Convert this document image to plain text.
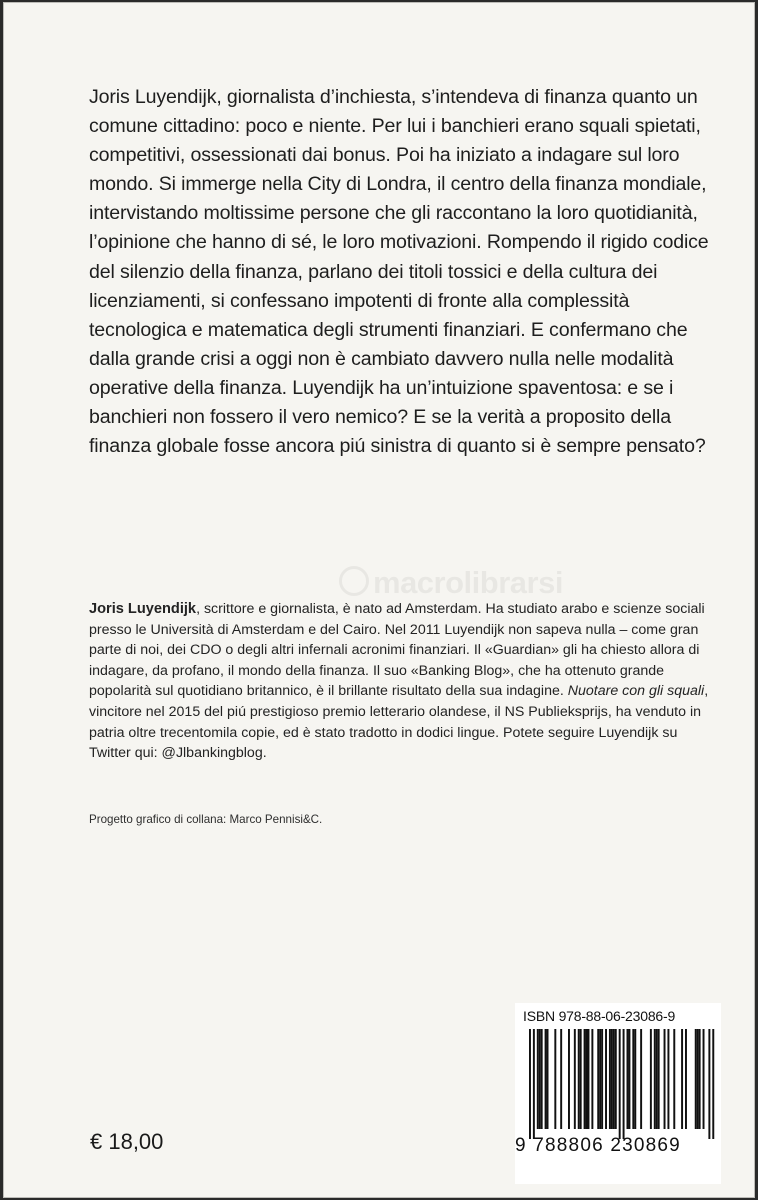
Joris Luyendijk, giornalista d’inchiesta, s’intendeva di finanza quanto un comune cittadino: poco e niente. Per lui i banchieri erano squali spietati, competitivi, ossessionati dai bonus. Poi ha iniziato a indagare sul loro mondo. Si immerge nella City di Londra, il centro della finanza mondiale, intervistando moltissime persone che gli raccontano la loro quotidianità, l’opinione che hanno di sé, le loro motivazioni. Rompendo il rigido codice del silenzio della finanza, parlano dei titoli tossici e della cultura dei licenziamenti, si confessano impotenti di fronte alla complessità tecnologica e matematica degli strumenti finanziari. E confermano che dalla grande crisi a oggi non è cambiato davvero nulla nelle modalità operative della finanza. Luyendijk ha un’intuizione spaventosa: e se i banchieri non fossero il vero nemico? E se la verità a proposito della finanza globale fosse ancora piú sinistra di quanto si è sempre pensato?

macrolibrarsi

Joris Luyendijk, scrittore e giornalista, è nato ad Amsterdam. Ha studiato arabo e scienze sociali presso le Università di Amsterdam e del Cairo. Nel 2011 Luyendijk non sapeva nulla – come gran parte di noi, dei CDO o degli altri infernali acronimi finanziari. Il «Guardian» gli ha chiesto allora di indagare, da profano, il mondo della finanza. Il suo «Banking Blog», che ha ottenuto grande popolarità sul quotidiano britannico, è il brillante risultato della sua indagine. Nuotare con gli squali, vincitore nel 2015 del piú prestigioso premio letterario olandese, il NS Publieksprijs, ha venduto in patria oltre trecentomila copie, ed è stato tradotto in dodici lingue. Potete seguire Luyendijk su Twitter qui: @Jlbankingblog.

Progetto grafico di collana: Marco Pennisi&C.
€ 18,00
ISBN 978-88-06-23086-9
9 788806 230869
